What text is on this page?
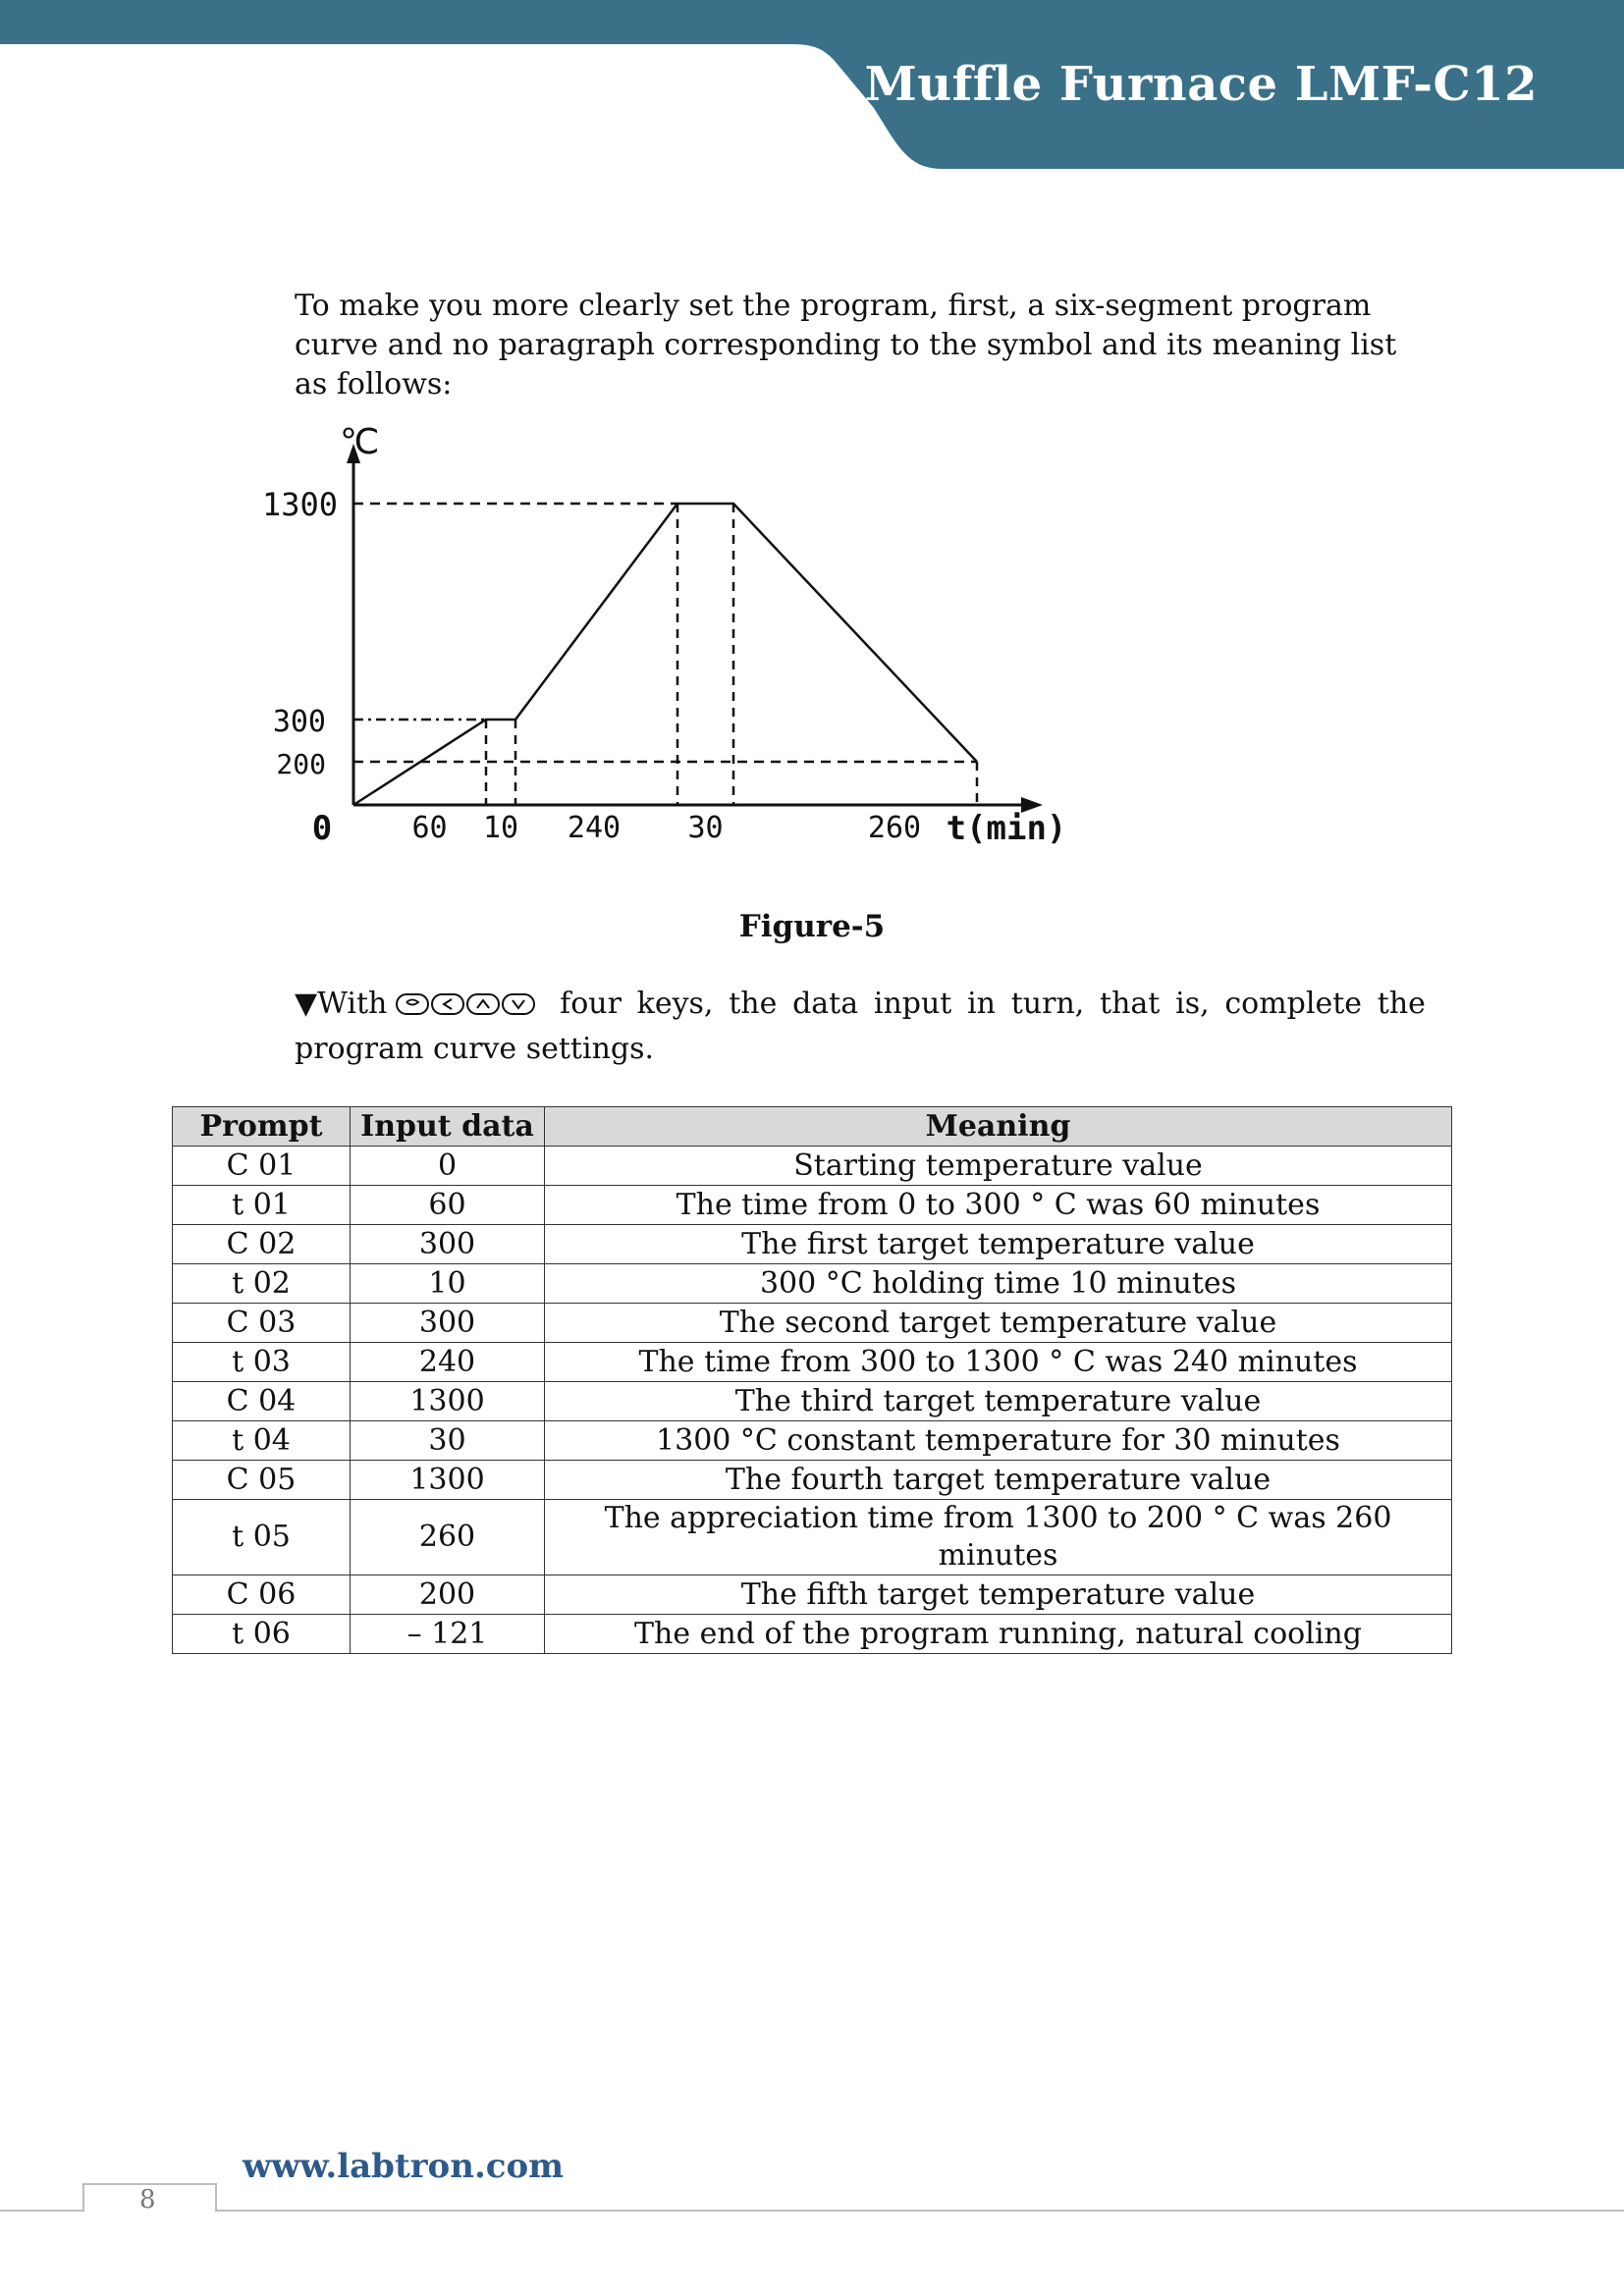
Muffle Furnace LMF-C12
To make you more clearly set the program, first, a six-segment program curve and no paragraph corresponding to the symbol and its meaning list as follows:
℃
1300
300
200
0	60 10 240 30	260 t(min)
Figure-5
▼With	four keys, the data input in turn, that is, complete the
program curve settings.
Prompt	Input data	Meaning
C 01	0	Starting temperature value
t 01	60	The time from 0 to 300 ° C was 60 minutes
C 02	300	The first target temperature value
t 02	10	300 °C holding time 10 minutes
C 03	300	The second target temperature value
t 03	240	The time from 300 to 1300 ° C was 240 minutes
C 04	1300	The third target temperature value
t 04	30	1300 °C constant temperature for 30 minutes
C 05	1300	The fourth target temperature value
t 05	260	The appreciation time from 1300 to 200 ° C was 260 minutes
C 06	200	The fifth target temperature value
t 06	– 121	The end of the program running, natural cooling
www.labtron.com
8
